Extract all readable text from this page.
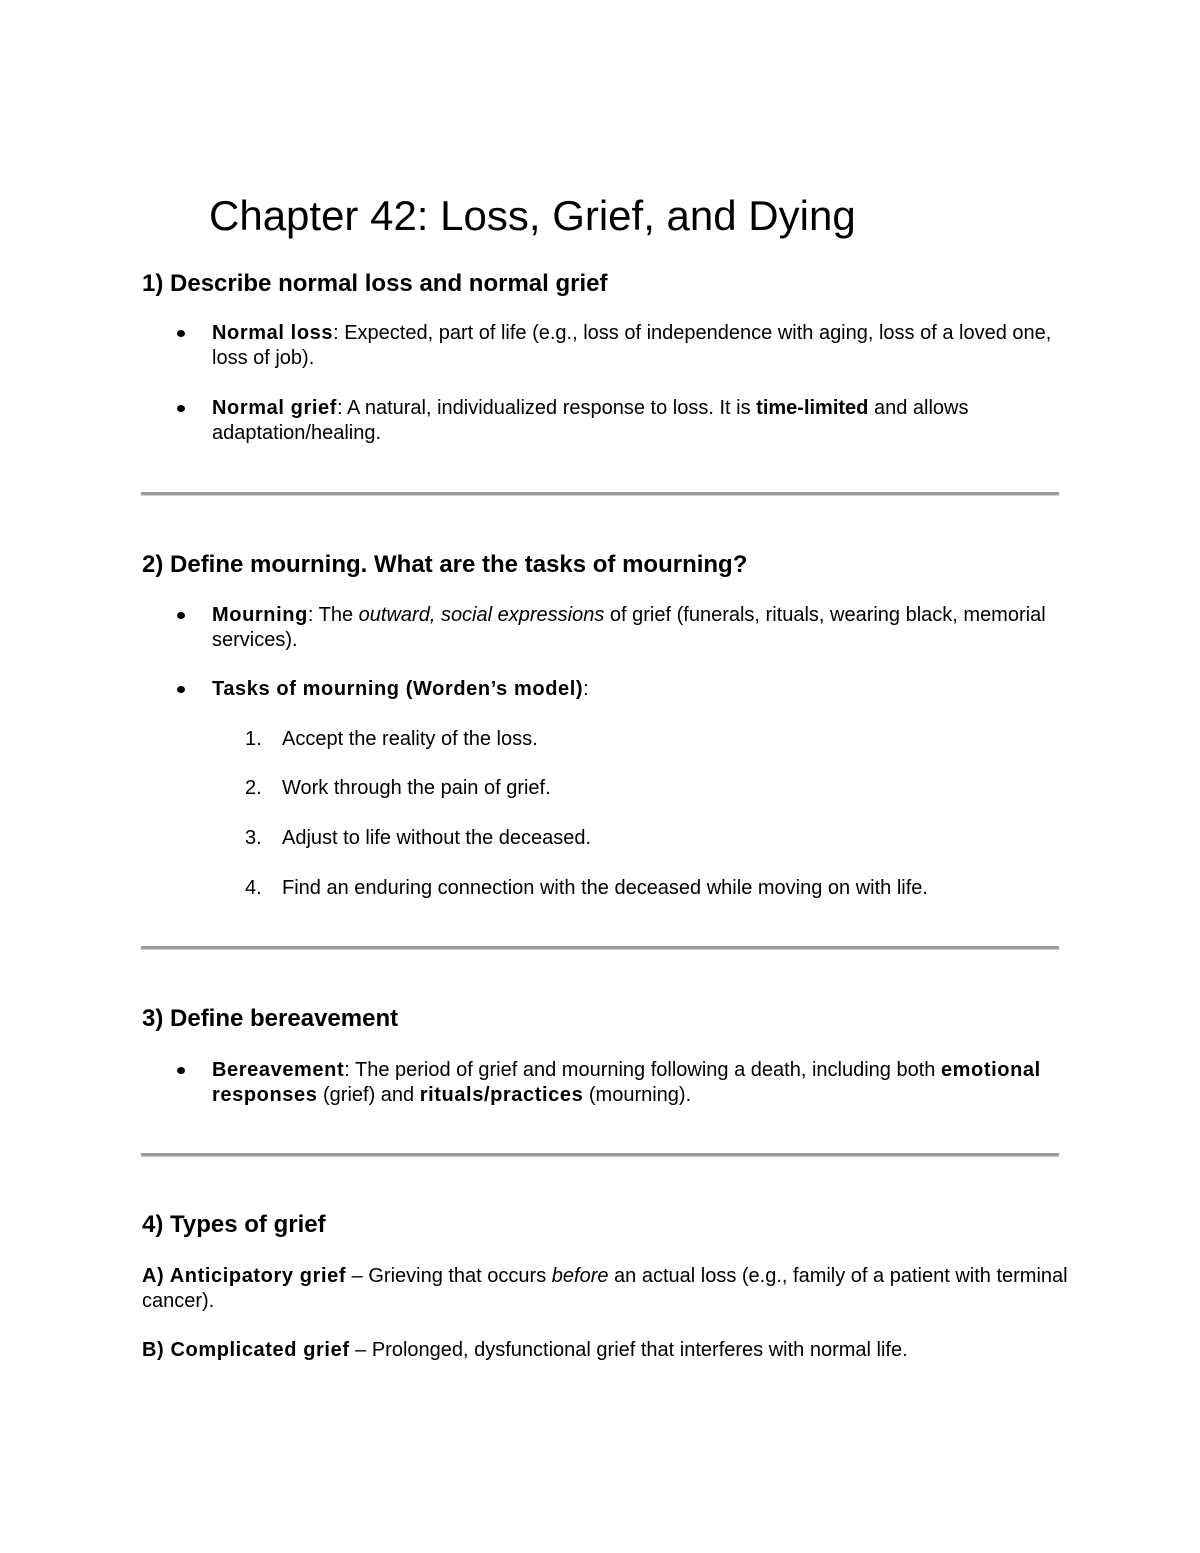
Chapter 42: Loss, Grief, and Dying
1) Describe normal loss and normal grief
Normal loss: Expected, part of life (e.g., loss of independence with aging, loss of a loved one, loss of job).
Normal grief: A natural, individualized response to loss. It is time-limited and allows adaptation/healing.
2) Define mourning. What are the tasks of mourning?
Mourning: The outward, social expressions of grief (funerals, rituals, wearing black, memorial services).
Tasks of mourning (Worden’s model):
1.	Accept the reality of the loss.
2.	Work through the pain of grief.
3.	Adjust to life without the deceased.
4.	Find an enduring connection with the deceased while moving on with life.
3) Define bereavement
Bereavement: The period of grief and mourning following a death, including both emotional responses (grief) and rituals/practices (mourning).
4) Types of grief
A) Anticipatory grief – Grieving that occurs before an actual loss (e.g., family of a patient with terminal cancer).
B) Complicated grief – Prolonged, dysfunctional grief that interferes with normal life.
